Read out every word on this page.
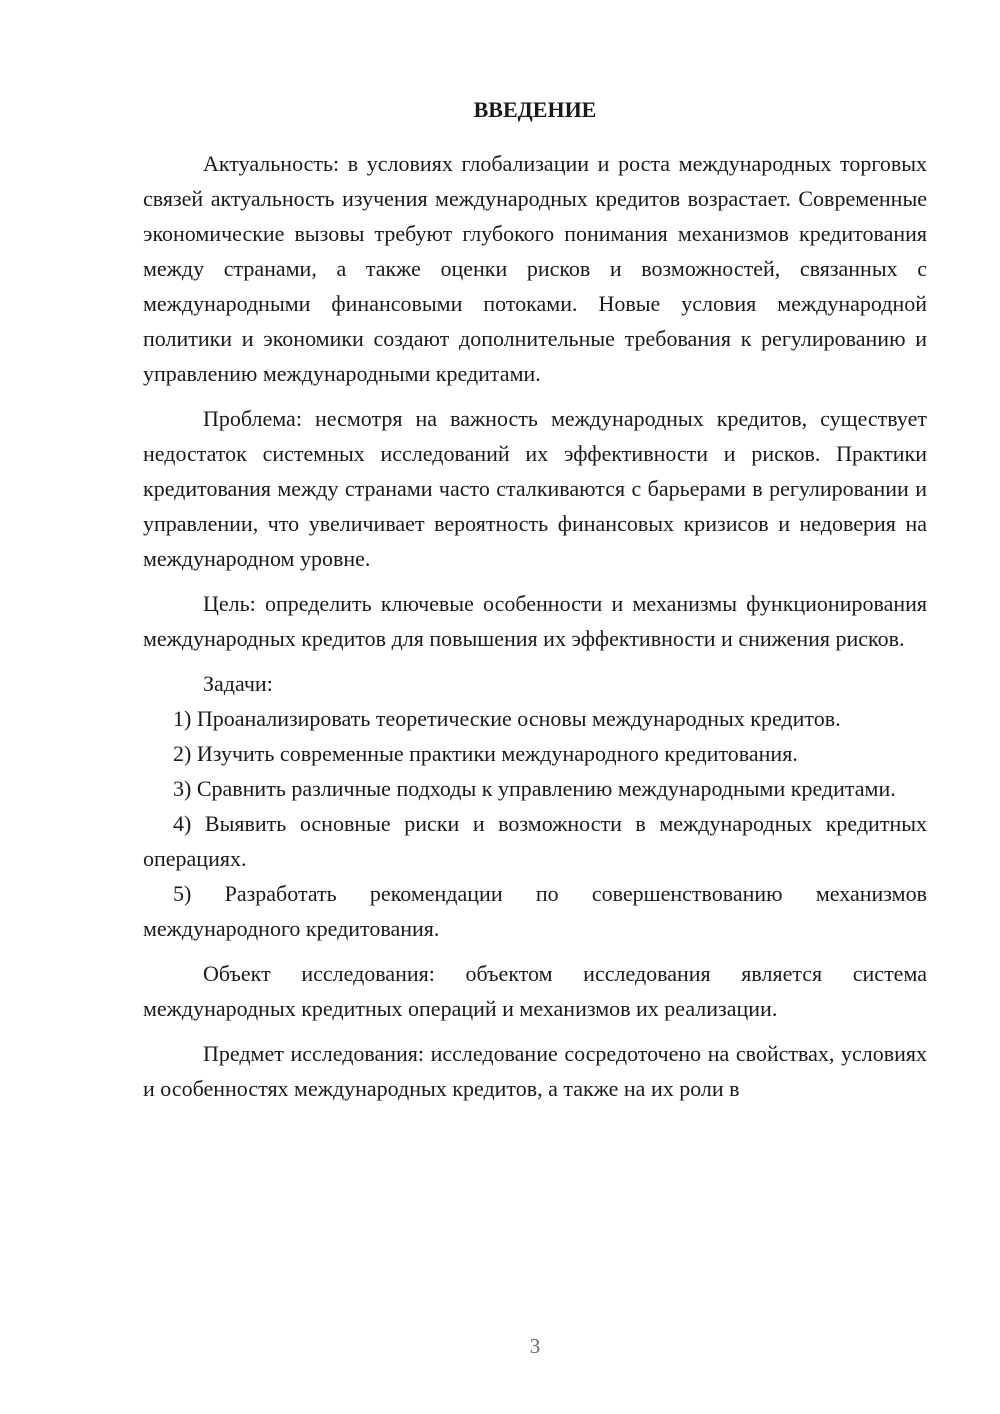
ВВЕДЕНИЕ

Актуальность: в условиях глобализации и роста международных торговых связей актуальность изучения международных кредитов возрастает. Современные экономические вызовы требуют глубокого понимания механизмов кредитования между странами, а также оценки рисков и возможностей, связанных с международными финансовыми потоками. Новые условия международной политики и экономики создают дополнительные требования к регулированию и управлению международными кредитами.

Проблема: несмотря на важность международных кредитов, существует недостаток системных исследований их эффективности и рисков. Практики кредитования между странами часто сталкиваются с барьерами в регулировании и управлении, что увеличивает вероятность финансовых кризисов и недоверия на международном уровне.

Цель: определить ключевые особенности и механизмы функционирования международных кредитов для повышения их эффективности и снижения рисков.

Задачи:

1) Проанализировать теоретические основы международных кредитов.

2) Изучить современные практики международного кредитования.

3) Сравнить различные подходы к управлению международными кредитами.

4) Выявить основные риски и возможности в международных кредитных операциях.

5) Разработать рекомендации по совершенствованию механизмов международного кредитования.

Объект исследования: объектом исследования является система международных кредитных операций и механизмов их реализации.

Предмет исследования: исследование сосредоточено на свойствах, условиях и особенностях международных кредитов, а также на их роли в

3
